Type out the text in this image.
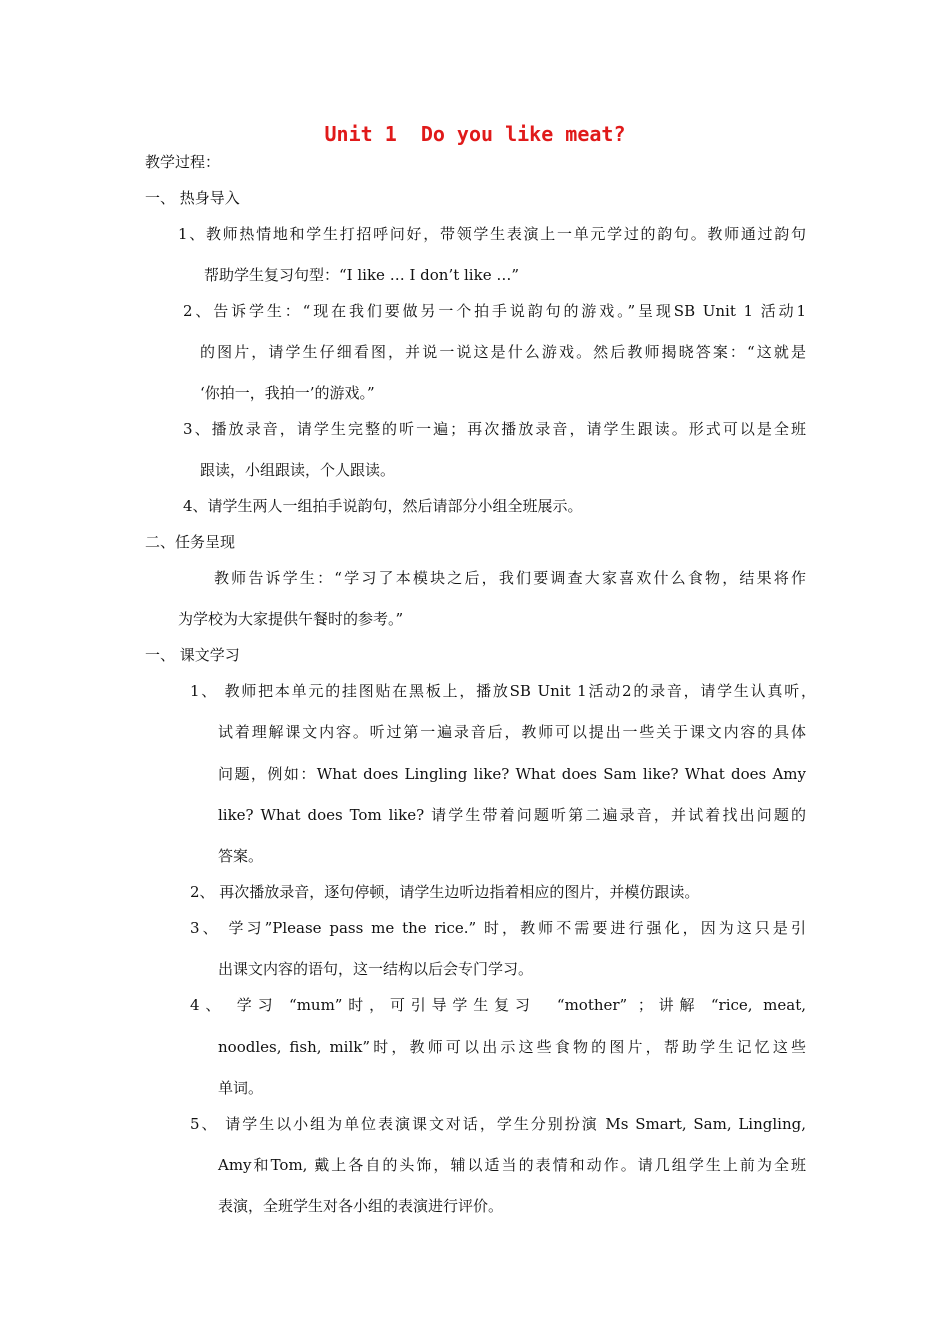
Unit 1  Do you like meat?
教学过程：
一、 热身导入
1、教师热情地和学生打招呼问好，带领学生表演上一单元学过的韵句。教师通过韵句
帮助学生复习句型：“I like … I don’t like …”
2、告诉学生：“现在我们要做另一个拍手说韵句的游戏。”呈现SB Unit 1 活动1
的图片，请学生仔细看图，并说一说这是什么游戏。然后教师揭晓答案：“这就是
‘你拍一，我拍一’的游戏。”
3、播放录音，请学生完整的听一遍；再次播放录音，请学生跟读。形式可以是全班
跟读，小组跟读，个人跟读。
4、请学生两人一组拍手说韵句，然后请部分小组全班展示。
二、任务呈现
教师告诉学生：“学习了本模块之后，我们要调查大家喜欢什么食物，结果将作
为学校为大家提供午餐时的参考。”
一、 课文学习
1、 教师把本单元的挂图贴在黑板上，播放SB Unit 1活动2的录音，请学生认真听，
试着理解课文内容。听过第一遍录音后，教师可以提出一些关于课文内容的具体
问题，例如：What does Lingling like? What does Sam like? What does Amy
like? What does Tom like? 请学生带着问题听第二遍录音，并试着找出问题的
答案。
2、 再次播放录音，逐句停顿，请学生边听边指着相应的图片，并模仿跟读。
3、 学习”Please pass me the rice.” 时，教师不需要进行强化，因为这只是引
出课文内容的语句，这一结构以后会专门学习。
4、 学习 “mum”时，可引导学生复习  “mother” ；讲解 “rice, meat,
noodles, fish, milk”时，教师可以出示这些食物的图片，帮助学生记忆这些
单词。
5、 请学生以小组为单位表演课文对话，学生分别扮演 Ms Smart, Sam, Lingling,
Amy和Tom, 戴上各自的头饰，辅以适当的表情和动作。请几组学生上前为全班
表演，全班学生对各小组的表演进行评价。
